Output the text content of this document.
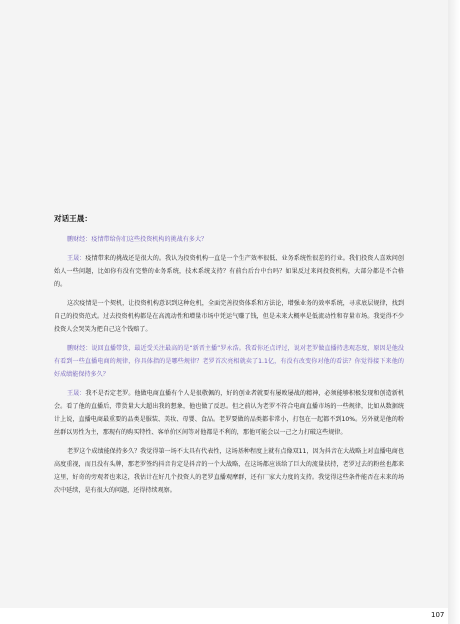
对话王晟：

鹏财经：疫情带给你们这些投资机构的挑战有多大？

王晟：疫情带来的挑战还是很大的。我认为投资机构一直是一个生产效率很低、业务系统性很差的行业。我们投资人喜欢问创始人一些问题，比如你有没有完整的业务系统，技术系统支持？有前台后台中台吗？如果反过来问投资机构，大部分都是不合格的。

这次疫情是一个契机，让投资机构意识到这种危机，全面完善投资体系和方法论，增强业务的效率系统，寻求底层规律，找到自己的投资范式。过去投资机构都是在高流动性和增量市场中凭运气赚了钱，但是未来大概率是低流动性和存量市场。我觉得不少投资人会哭笑为把自己这个钱赔了。

鹏财经：说回直播带货，最近受关注最高的是“新晋主播”罗永浩。我看你还点评过，说对老罗做直播持悲观态度，原因是他没有看到一些直播电商的规律，你具体指的是哪些规律？老罗首次亮相就卖了1.1亿，有没有改变你对他的看法？你觉得接下来他的好成绩能保持多久？

王晟：我不是否定老罗。他做电商直播有个人是很敬佩的，好的创业者就要有屡败屡战的精神，必须能够积极发现和创造新机会。看了他的直播后，带货量大大超出我的想象，他也做了反思。但之前认为老罗不符合电商直播市场的一些规律，比如从数据统计上说，直播电商最重要的品类是服装、美妆、母婴、食品。老罗要做的品类都非常小，打包在一起都不到10%。另外就是他的粉丝群以男性为主，那现有的购买特性、客单价区间等对他都是不利的，那他可能会以一己之力打破这些规律。

老罗这个成绩能保持多久？我觉得第一场不太具有代表性，这场基种程度上就有点像双11，因为抖音在大战略上对直播电商也高度重视，而且没有头牌，那老罗签约抖音肯定是抖音的一个大战略，在这场都应该给了巨大的流量扶持，老罗过去的粉丝也都来这里，好奇的旁观者也来这，我估计在好几个投资人的老罗直播观摩群，还有厂家大力度的支持。我觉得这些条件能否在未来的场次中延续，是有很大的问题，还得持续观察。

107
